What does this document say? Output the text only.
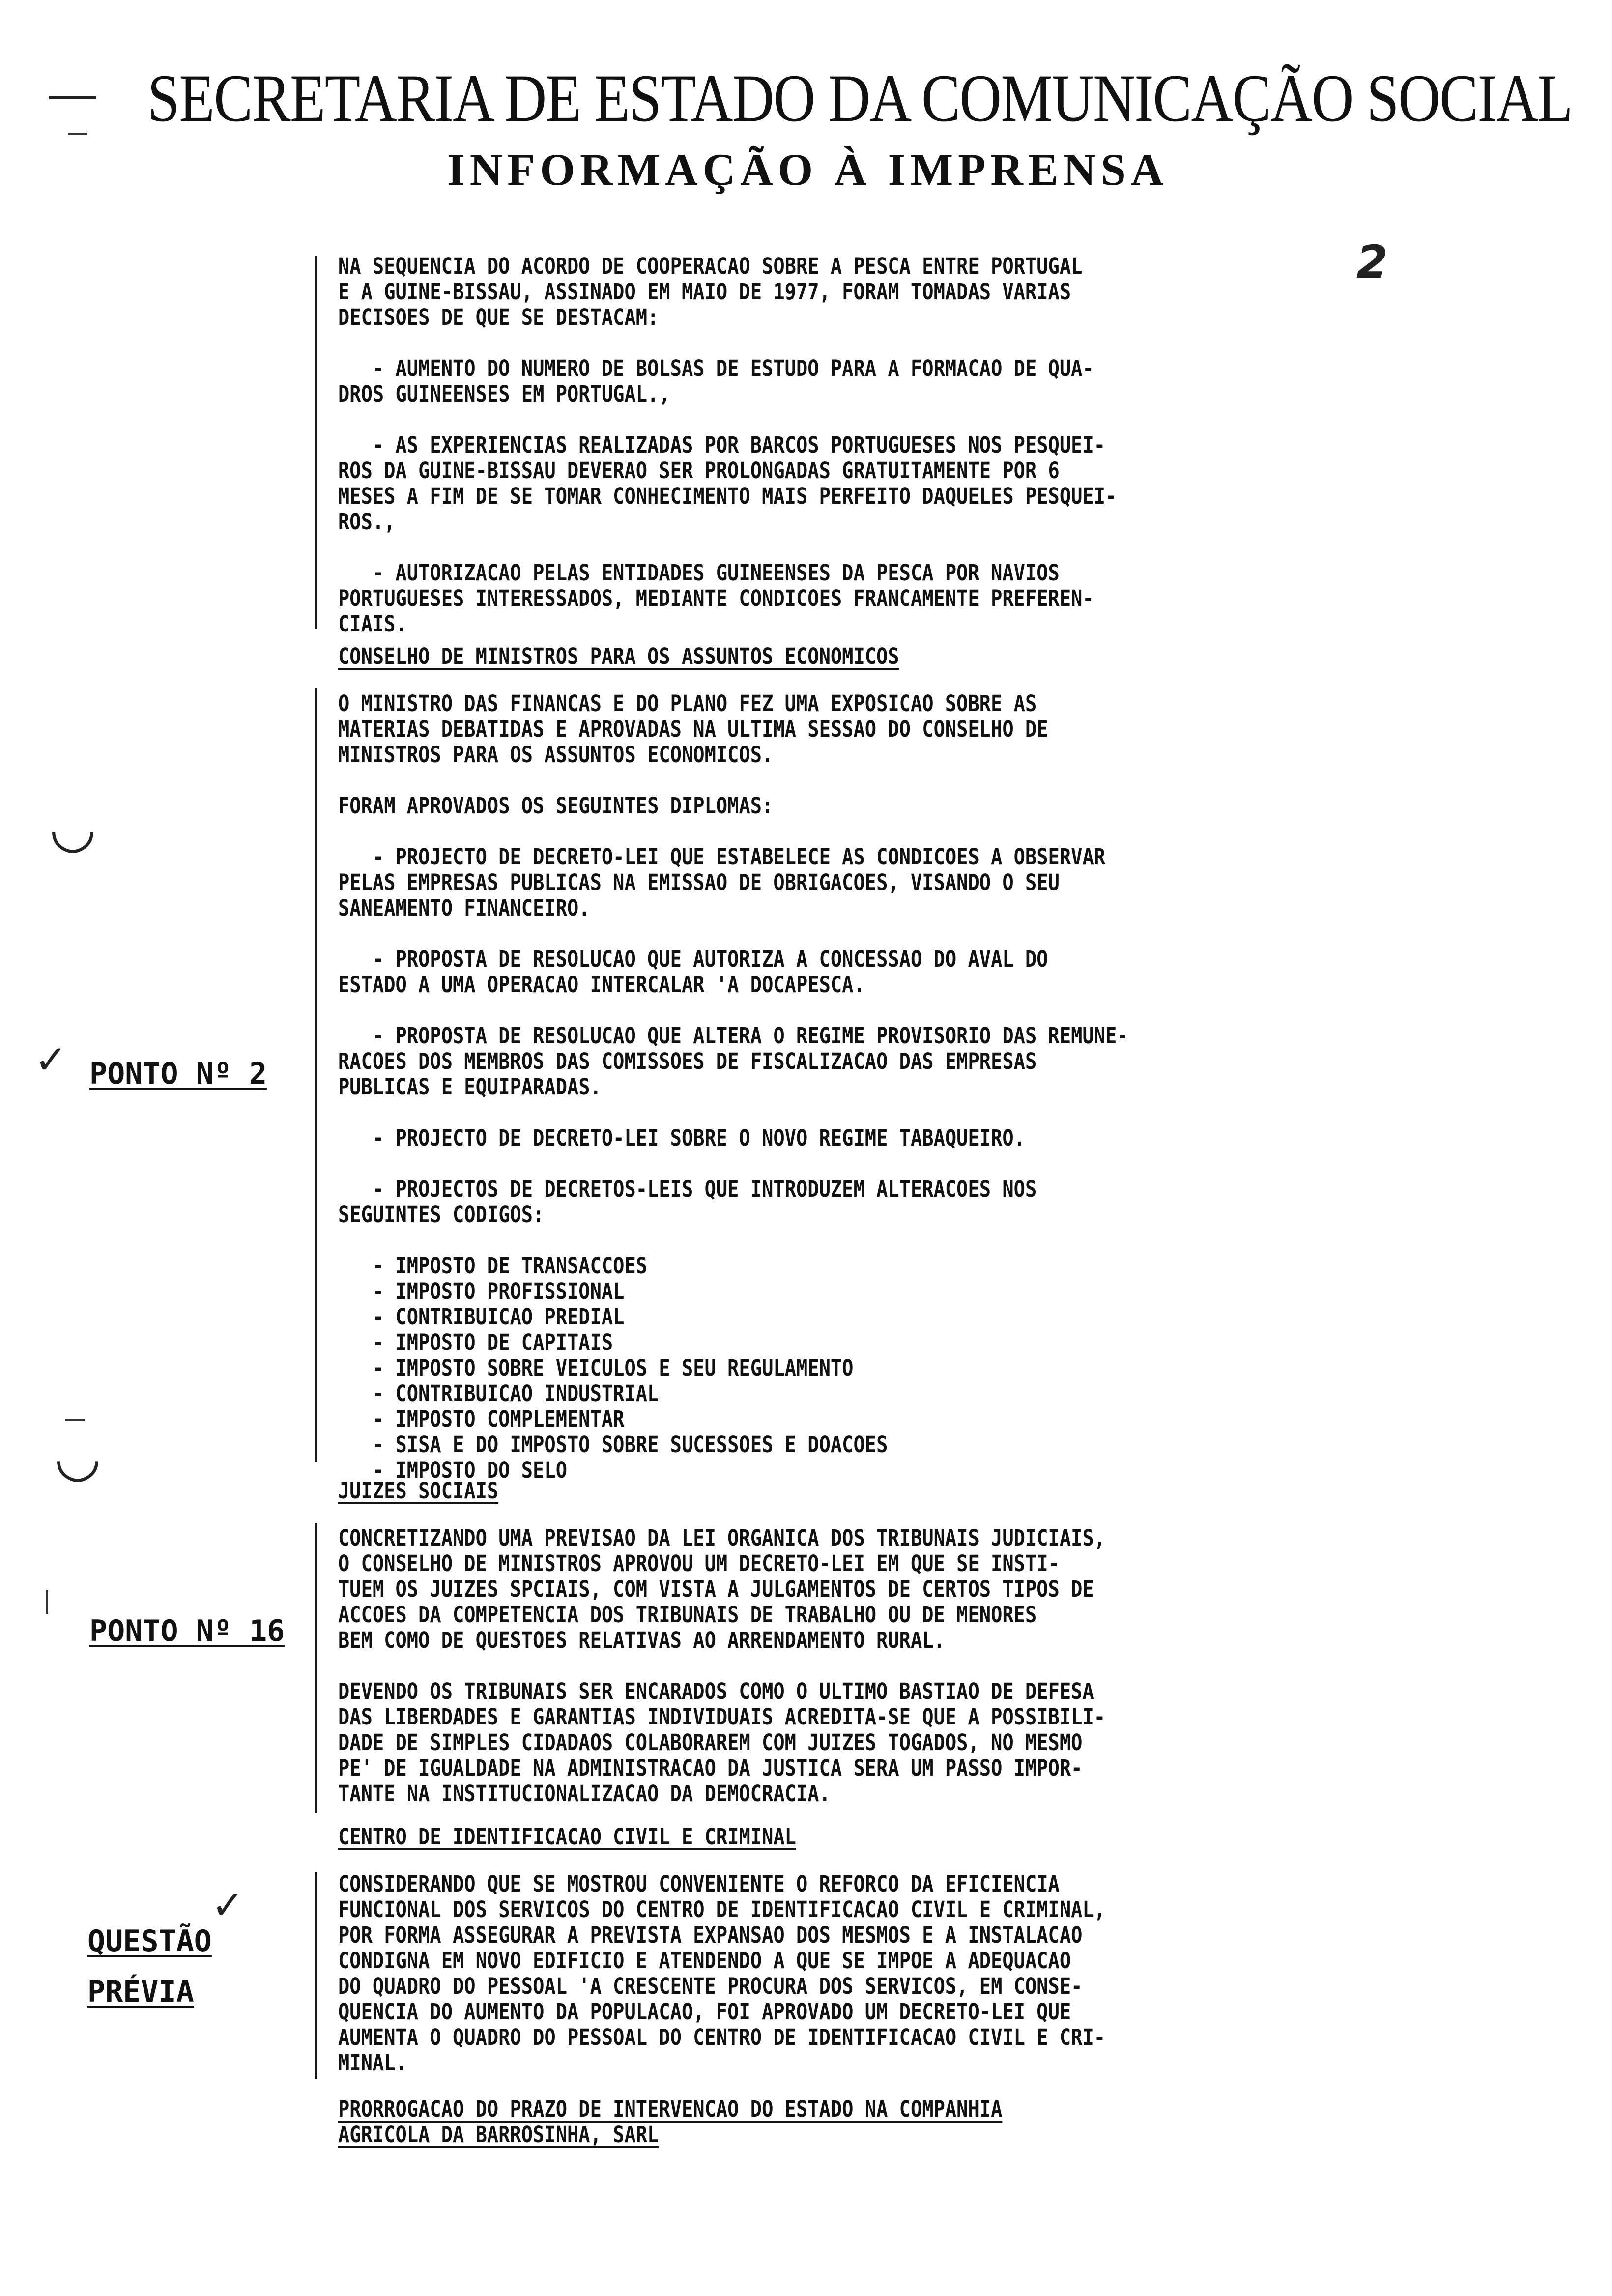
SECRETARIA DE ESTADO DA COMUNICAÇÃO SOCIAL
INFORMAÇÃO À IMPRENSA
2

NA SEQUENCIA DO ACORDO DE COOPERACAO SOBRE A PESCA ENTRE PORTUGAL
E A GUINE-BISSAU, ASSINADO EM MAIO DE 1977, FORAM TOMADAS VARIAS
DECISOES DE QUE SE DESTACAM:

- AUMENTO DO NUMERO DE BOLSAS DE ESTUDO PARA A FORMACAO DE QUA-
DROS GUINEENSES EM PORTUGAL.,

- AS EXPERIENCIAS REALIZADAS POR BARCOS PORTUGUESES NOS PESQUEI-
ROS DA GUINE-BISSAU DEVERAO SER PROLONGADAS GRATUITAMENTE POR 6
MESES A FIM DE SE TOMAR CONHECIMENTO MAIS PERFEITO DAQUELES PESQUEI-
ROS.,

- AUTORIZACAO PELAS ENTIDADES GUINEENSES DA PESCA POR NAVIOS
PORTUGUESES INTERESSADOS, MEDIANTE CONDICOES FRANCAMENTE PREFEREN-
CIAIS.

CONSELHO DE MINISTROS PARA OS ASSUNTOS ECONOMICOS

O MINISTRO DAS FINANCAS E DO PLANO FEZ UMA EXPOSICAO SOBRE AS
MATERIAS DEBATIDAS E APROVADAS NA ULTIMA SESSAO DO CONSELHO DE
MINISTROS PARA OS ASSUNTOS ECONOMICOS.

FORAM APROVADOS OS SEGUINTES DIPLOMAS:

- PROJECTO DE DECRETO-LEI QUE ESTABELECE AS CONDICOES A OBSERVAR
PELAS EMPRESAS PUBLICAS NA EMISSAO DE OBRIGACOES, VISANDO O SEU
SANEAMENTO FINANCEIRO.

- PROPOSTA DE RESOLUCAO QUE AUTORIZA A CONCESSAO DO AVAL DO
ESTADO A UMA OPERACAO INTERCALAR 'A DOCAPESCA.

- PROPOSTA DE RESOLUCAO QUE ALTERA O REGIME PROVISORIO DAS REMUNE-
RACOES DOS MEMBROS DAS COMISSOES DE FISCALIZACAO DAS EMPRESAS
PUBLICAS E EQUIPARADAS.

- PROJECTO DE DECRETO-LEI SOBRE O NOVO REGIME TABAQUEIRO.

- PROJECTOS DE DECRETOS-LEIS QUE INTRODUZEM ALTERACOES NOS
SEGUINTES CODIGOS:

- IMPOSTO DE TRANSACCOES
- IMPOSTO PROFISSIONAL
- CONTRIBUICAO PREDIAL
- IMPOSTO DE CAPITAIS
- IMPOSTO SOBRE VEICULOS E SEU REGULAMENTO
- CONTRIBUICAO INDUSTRIAL
- IMPOSTO COMPLEMENTAR
- SISA E DO IMPOSTO SOBRE SUCESSOES E DOACOES
- IMPOSTO DO SELO

JUIZES SOCIAIS

CONCRETIZANDO UMA PREVISAO DA LEI ORGANICA DOS TRIBUNAIS JUDICIAIS,
O CONSELHO DE MINISTROS APROVOU UM DECRETO-LEI EM QUE SE INSTI-
TUEM OS JUIZES SPCIAIS, COM VISTA A JULGAMENTOS DE CERTOS TIPOS DE
ACCOES DA COMPETENCIA DOS TRIBUNAIS DE TRABALHO OU DE MENORES
BEM COMO DE QUESTOES RELATIVAS AO ARRENDAMENTO RURAL.

DEVENDO OS TRIBUNAIS SER ENCARADOS COMO O ULTIMO BASTIAO DE DEFESA
DAS LIBERDADES E GARANTIAS INDIVIDUAIS ACREDITA-SE QUE A POSSIBILI-
DADE DE SIMPLES CIDADAOS COLABORAREM COM JUIZES TOGADOS, NO MESMO
PE' DE IGUALDADE NA ADMINISTRACAO DA JUSTICA SERA UM PASSO IMPOR-
TANTE NA INSTITUCIONALIZACAO DA DEMOCRACIA.

CENTRO DE IDENTIFICACAO CIVIL E CRIMINAL

CONSIDERANDO QUE SE MOSTROU CONVENIENTE O REFORCO DA EFICIENCIA
FUNCIONAL DOS SERVICOS DO CENTRO DE IDENTIFICACAO CIVIL E CRIMINAL,
POR FORMA ASSEGURAR A PREVISTA EXPANSAO DOS MESMOS E A INSTALACAO
CONDIGNA EM NOVO EDIFICIO E ATENDENDO A QUE SE IMPOE A ADEQUACAO
DO QUADRO DO PESSOAL 'A CRESCENTE PROCURA DOS SERVICOS, EM CONSE-
QUENCIA DO AUMENTO DA POPULACAO, FOI APROVADO UM DECRETO-LEI QUE
AUMENTA O QUADRO DO PESSOAL DO CENTRO DE IDENTIFICACAO CIVIL E CRI-
MINAL.

PRORROGACAO DO PRAZO DE INTERVENCAO DO ESTADO NA COMPANHIA
AGRICOLA DA BARROSINHA, SARL

PONTO Nº 2

PONTO Nº 16

QUESTÃO

PRÉVIA

✓
✓
◡
◡
